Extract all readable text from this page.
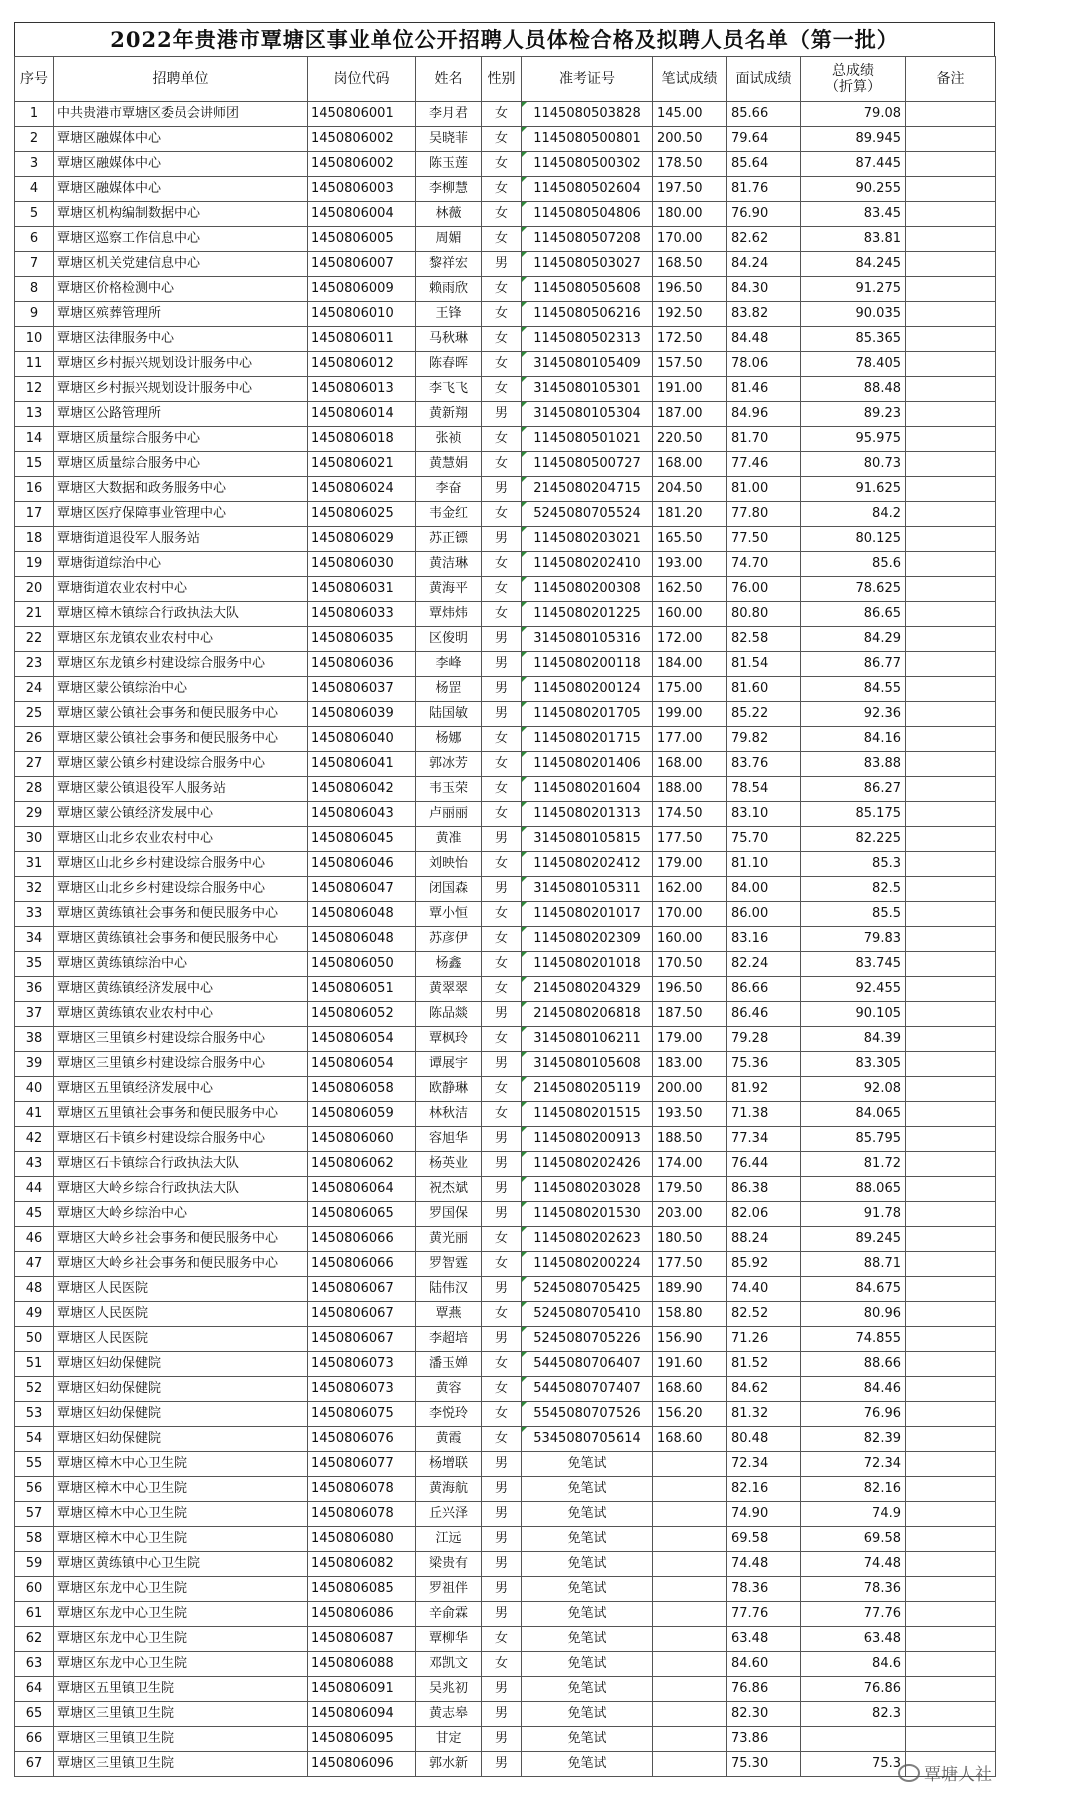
2022年贵港市覃塘区事业单位公开招聘人员体检合格及拟聘人员名单（第一批）
序号	招聘单位	岗位代码	姓名	性别	准考证号	笔试成绩	面试成绩	总成绩
（折算）	备注
1	中共贵港市覃塘区委员会讲师团	1450806001	李月君	女	1145080503828	145.00	85.66	79.08	
2	覃塘区融媒体中心	1450806002	吴晓菲	女	1145080500801	200.50	79.64	89.945	
3	覃塘区融媒体中心	1450806002	陈玉莲	女	1145080500302	178.50	85.64	87.445	
4	覃塘区融媒体中心	1450806003	李柳慧	女	1145080502604	197.50	81.76	90.255	
5	覃塘区机构编制数据中心	1450806004	林薇	女	1145080504806	180.00	76.90	83.45	
6	覃塘区巡察工作信息中心	1450806005	周媚	女	1145080507208	170.00	82.62	83.81	
7	覃塘区机关党建信息中心	1450806007	黎祥宏	男	1145080503027	168.50	84.24	84.245	
8	覃塘区价格检测中心	1450806009	赖雨欣	女	1145080505608	196.50	84.30	91.275	
9	覃塘区殡葬管理所	1450806010	王锋	女	1145080506216	192.50	83.82	90.035	
10	覃塘区法律服务中心	1450806011	马秋琳	女	1145080502313	172.50	84.48	85.365	
11	覃塘区乡村振兴规划设计服务中心	1450806012	陈春晖	女	3145080105409	157.50	78.06	78.405	
12	覃塘区乡村振兴规划设计服务中心	1450806013	李飞飞	女	3145080105301	191.00	81.46	88.48	
13	覃塘区公路管理所	1450806014	黄新翔	男	3145080105304	187.00	84.96	89.23	
14	覃塘区质量综合服务中心	1450806018	张祯	女	1145080501021	220.50	81.70	95.975	
15	覃塘区质量综合服务中心	1450806021	黄慧娟	女	1145080500727	168.00	77.46	80.73	
16	覃塘区大数据和政务服务中心	1450806024	李奋	男	2145080204715	204.50	81.00	91.625	
17	覃塘区医疗保障事业管理中心	1450806025	韦金红	女	5245080705524	181.20	77.80	84.2	
18	覃塘街道退役军人服务站	1450806029	苏正镖	男	1145080203021	165.50	77.50	80.125	
19	覃塘街道综治中心	1450806030	黄洁琳	女	1145080202410	193.00	74.70	85.6	
20	覃塘街道农业农村中心	1450806031	黄海平	女	1145080200308	162.50	76.00	78.625	
21	覃塘区樟木镇综合行政执法大队	1450806033	覃炜炜	女	1145080201225	160.00	80.80	86.65	
22	覃塘区东龙镇农业农村中心	1450806035	区俊明	男	3145080105316	172.00	82.58	84.29	
23	覃塘区东龙镇乡村建设综合服务中心	1450806036	李峰	男	1145080200118	184.00	81.54	86.77	
24	覃塘区蒙公镇综治中心	1450806037	杨罡	男	1145080200124	175.00	81.60	84.55	
25	覃塘区蒙公镇社会事务和便民服务中心	1450806039	陆国敏	男	1145080201705	199.00	85.22	92.36	
26	覃塘区蒙公镇社会事务和便民服务中心	1450806040	杨娜	女	1145080201715	177.00	79.82	84.16	
27	覃塘区蒙公镇乡村建设综合服务中心	1450806041	郭冰芳	女	1145080201406	168.00	83.76	83.88	
28	覃塘区蒙公镇退役军人服务站	1450806042	韦玉荣	女	1145080201604	188.00	78.54	86.27	
29	覃塘区蒙公镇经济发展中心	1450806043	卢丽丽	女	1145080201313	174.50	83.10	85.175	
30	覃塘区山北乡农业农村中心	1450806045	黄准	男	3145080105815	177.50	75.70	82.225	
31	覃塘区山北乡乡村建设综合服务中心	1450806046	刘映怡	女	1145080202412	179.00	81.10	85.3	
32	覃塘区山北乡乡村建设综合服务中心	1450806047	闭国森	男	3145080105311	162.00	84.00	82.5	
33	覃塘区黄练镇社会事务和便民服务中心	1450806048	覃小恒	女	1145080201017	170.00	86.00	85.5	
34	覃塘区黄练镇社会事务和便民服务中心	1450806048	苏彦伊	女	1145080202309	160.00	83.16	79.83	
35	覃塘区黄练镇综治中心	1450806050	杨鑫	女	1145080201018	170.50	82.24	83.745	
36	覃塘区黄练镇经济发展中心	1450806051	黄翠翠	女	2145080204329	196.50	86.66	92.455	
37	覃塘区黄练镇农业农村中心	1450806052	陈品燚	男	2145080206818	187.50	86.46	90.105	
38	覃塘区三里镇乡村建设综合服务中心	1450806054	覃枫玲	女	3145080106211	179.00	79.28	84.39	
39	覃塘区三里镇乡村建设综合服务中心	1450806054	谭展宇	男	3145080105608	183.00	75.36	83.305	
40	覃塘区五里镇经济发展中心	1450806058	欧静琳	女	2145080205119	200.00	81.92	92.08	
41	覃塘区五里镇社会事务和便民服务中心	1450806059	林秋洁	女	1145080201515	193.50	71.38	84.065	
42	覃塘区石卡镇乡村建设综合服务中心	1450806060	容旭华	男	1145080200913	188.50	77.34	85.795	
43	覃塘区石卡镇综合行政执法大队	1450806062	杨英业	男	1145080202426	174.00	76.44	81.72	
44	覃塘区大岭乡综合行政执法大队	1450806064	祝杰斌	男	1145080203028	179.50	86.38	88.065	
45	覃塘区大岭乡综治中心	1450806065	罗国保	男	1145080201530	203.00	82.06	91.78	
46	覃塘区大岭乡社会事务和便民服务中心	1450806066	黄光丽	女	1145080202623	180.50	88.24	89.245	
47	覃塘区大岭乡社会事务和便民服务中心	1450806066	罗智霆	女	1145080200224	177.50	85.92	88.71	
48	覃塘区人民医院	1450806067	陆伟汉	男	5245080705425	189.90	74.40	84.675	
49	覃塘区人民医院	1450806067	覃燕	女	5245080705410	158.80	82.52	80.96	
50	覃塘区人民医院	1450806067	李超培	男	5245080705226	156.90	71.26	74.855	
51	覃塘区妇幼保健院	1450806073	潘玉婵	女	5445080706407	191.60	81.52	88.66	
52	覃塘区妇幼保健院	1450806073	黄容	女	5445080707407	168.60	84.62	84.46	
53	覃塘区妇幼保健院	1450806075	李悦玲	女	5545080707526	156.20	81.32	76.96	
54	覃塘区妇幼保健院	1450806076	黄霞	女	5345080705614	168.60	80.48	82.39	
55	覃塘区樟木中心卫生院	1450806077	杨增联	男	免笔试		72.34	72.34	
56	覃塘区樟木中心卫生院	1450806078	黄海航	男	免笔试		82.16	82.16	
57	覃塘区樟木中心卫生院	1450806078	丘兴泽	男	免笔试		74.90	74.9	
58	覃塘区樟木中心卫生院	1450806080	江远	男	免笔试		69.58	69.58	
59	覃塘区黄练镇中心卫生院	1450806082	梁贵有	男	免笔试		74.48	74.48	
60	覃塘区东龙中心卫生院	1450806085	罗祖伴	男	免笔试		78.36	78.36	
61	覃塘区东龙中心卫生院	1450806086	辛俞霖	男	免笔试		77.76	77.76	
62	覃塘区东龙中心卫生院	1450806087	覃柳华	女	免笔试		63.48	63.48	
63	覃塘区东龙中心卫生院	1450806088	邓凯文	女	免笔试		84.60	84.6	
64	覃塘区五里镇卫生院	1450806091	吴兆初	男	免笔试		76.86	76.86	
65	覃塘区三里镇卫生院	1450806094	黄志皋	男	免笔试		82.30	82.3	
66	覃塘区三里镇卫生院	1450806095	甘定	男	免笔试		73.86		
67	覃塘区三里镇卫生院	1450806096	郭水新	男	免笔试		75.30	75.3	
覃塘人社
